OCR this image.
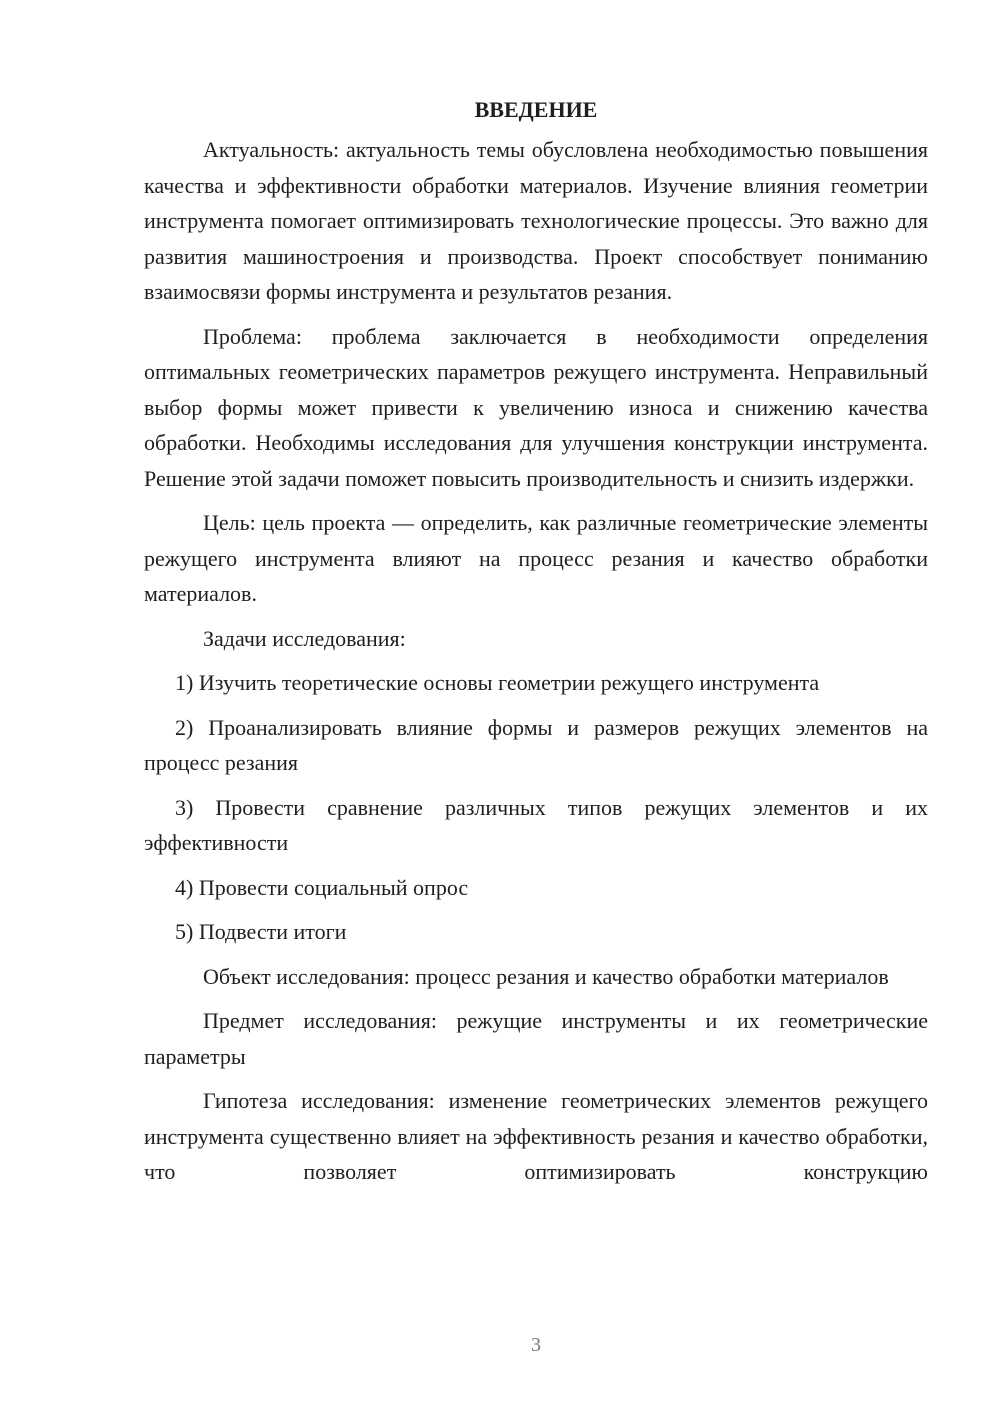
ВВЕДЕНИЕ

Актуальность: актуальность темы обусловлена необходимостью повышения качества и эффективности обработки материалов. Изучение влияния геометрии инструмента помогает оптимизировать технологические процессы. Это важно для развития машиностроения и производства. Проект способствует пониманию взаимосвязи формы инструмента и результатов резания.

Проблема: проблема заключается в необходимости определения оптимальных геометрических параметров режущего инструмента. Неправильный выбор формы может привести к увеличению износа и снижению качества обработки. Необходимы исследования для улучшения конструкции инструмента. Решение этой задачи поможет повысить производительность и снизить издержки.

Цель: цель проекта — определить, как различные геометрические элементы режущего инструмента влияют на процесс резания и качество обработки материалов.

Задачи исследования:

1) Изучить теоретические основы геометрии режущего инструмента

2) Проанализировать влияние формы и размеров режущих элементов на процесс резания

3) Провести сравнение различных типов режущих элементов и их эффективности

4) Провести социальный опрос

5) Подвести итоги

Объект исследования: процесс резания и качество обработки материалов

Предмет исследования: режущие инструменты и их геометрические параметры

Гипотеза исследования: изменение геометрических элементов режущего инструмента существенно влияет на эффективность резания и качество обработки, что позволяет оптимизировать конструкцию

3
